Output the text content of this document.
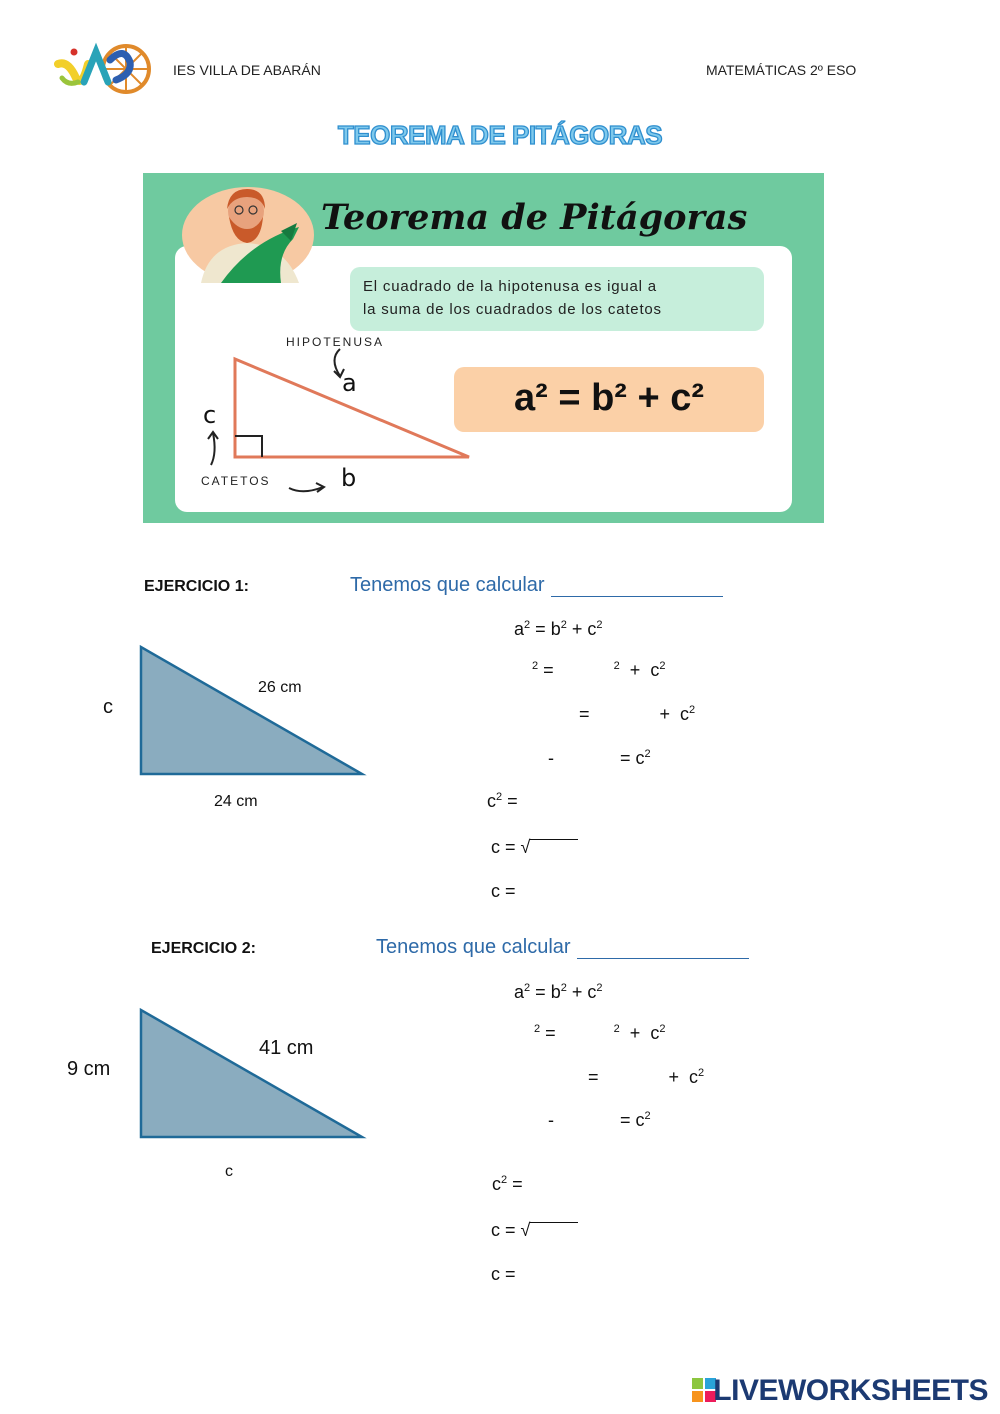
IES VILLA DE ABARÁN	MATEMÁTICAS 2º ESO
TEOREMA DE PITÁGORAS
Teorema de Pitágoras
El cuadrado de la hipotenusa es igual a
la suma de los cuadrados de los catetos
a² = b² + c²
HIPOTENUSA
CATETOS
a
b
c
EJERCICIO 1:	Tenemos que calcular
c
26 cm
24 cm
$a^2 = b^2 + c^2$
$^2$ =	$^2 + c^2$
=	+ $c^2$
-	= $c^2$
$c^2$ =
c = √
c =
EJERCICIO 2:	Tenemos que calcular
9 cm
41 cm
c
$a^2 = b^2 + c^2$
$^2$ =	$^2 + c^2$
=	+ $c^2$
-	= $c^2$
$c^2$ =
c = √
c =
LIVEWORKSHEETS
